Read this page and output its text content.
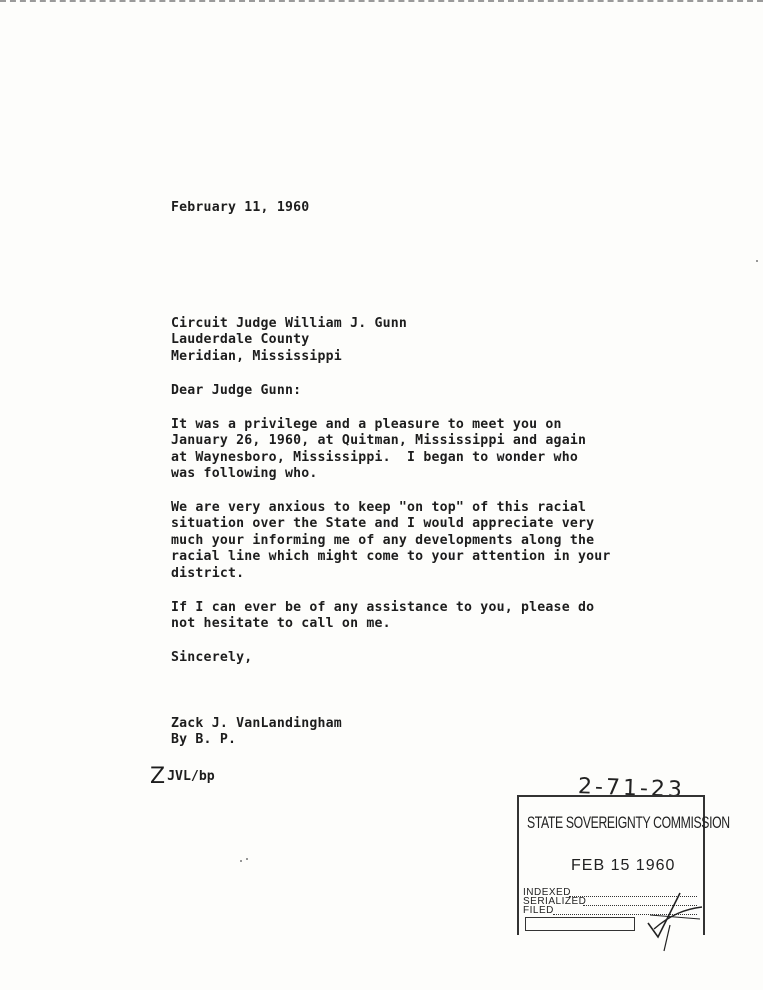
February 11, 1960
Circuit Judge William J. Gunn
Lauderdale County
Meridian, Mississippi
Dear Judge Gunn:
It was a privilege and a pleasure to meet you on
January 26, 1960, at Quitman, Mississippi and again
at Waynesboro, Mississippi.  I began to wonder who
was following who.
We are very anxious to keep "on top" of this racial
situation over the State and I would appreciate very
much your informing me of any developments along the
racial line which might come to your attention in your
district.
If I can ever be of any assistance to you, please do
not hesitate to call on me.
Sincerely,
Zack J. VanLandingham
By B. P.
ZJVL/bp	2-71-23
STATE SOVEREIGNTY COMMISSION
FEB 15 1960
INDEXED
SERIALIZED
FILED
